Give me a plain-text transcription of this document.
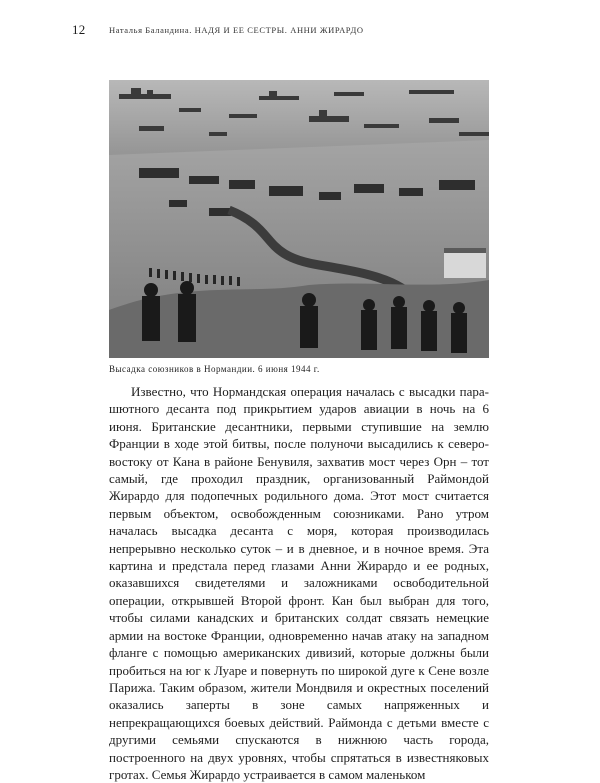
12	Наталья Баландина. НАДЯ И ЕЕ СЕСТРЫ. АННИ ЖИРАРДО
Высадка союзников в Нормандии. 6 июня 1944 г.

Известно, что Нормандская операция началась с высадки парашютного десанта под прикрытием ударов авиации в ночь на 6 июня. Британские десантники, первыми ступившие на землю Франции в ходе этой битвы, после полуночи высадились к северо-востоку от Кана в районе Бенувиля, захватив мост через Орн – тот самый, где проходил праздник, организованный Раймондой Жирардо для подопечных родильного дома. Этот мост считается первым объектом, освобожденным союзниками. Рано утром началась высадка десанта с моря, которая производилась непрерывно несколько суток – и в дневное, и в ночное время. Эта картина и предстала перед глазами Анни Жирардо и ее родных, оказавшихся свидетелями и заложниками освободительной операции, открывшей Второй фронт. Кан был выбран для того, чтобы силами канадских и британских солдат связать немецкие армии на востоке Франции, одновременно начав атаку на западном фланге с помощью американских дивизий, которые должны были пробиться на юг к Луаре и повернуть по широкой дуге к Сене возле Парижа. Таким образом, жители Мондвиля и окрестных поселений оказались заперты в зоне самых напряженных и непрекращающихся боевых действий. Раймонда с детьми вместе с другими семьями спускаются в нижнюю часть города, построенного на двух уровнях, чтобы спрятаться в известняковых гротах. Семья Жирардо устраивается в самом маленьком
